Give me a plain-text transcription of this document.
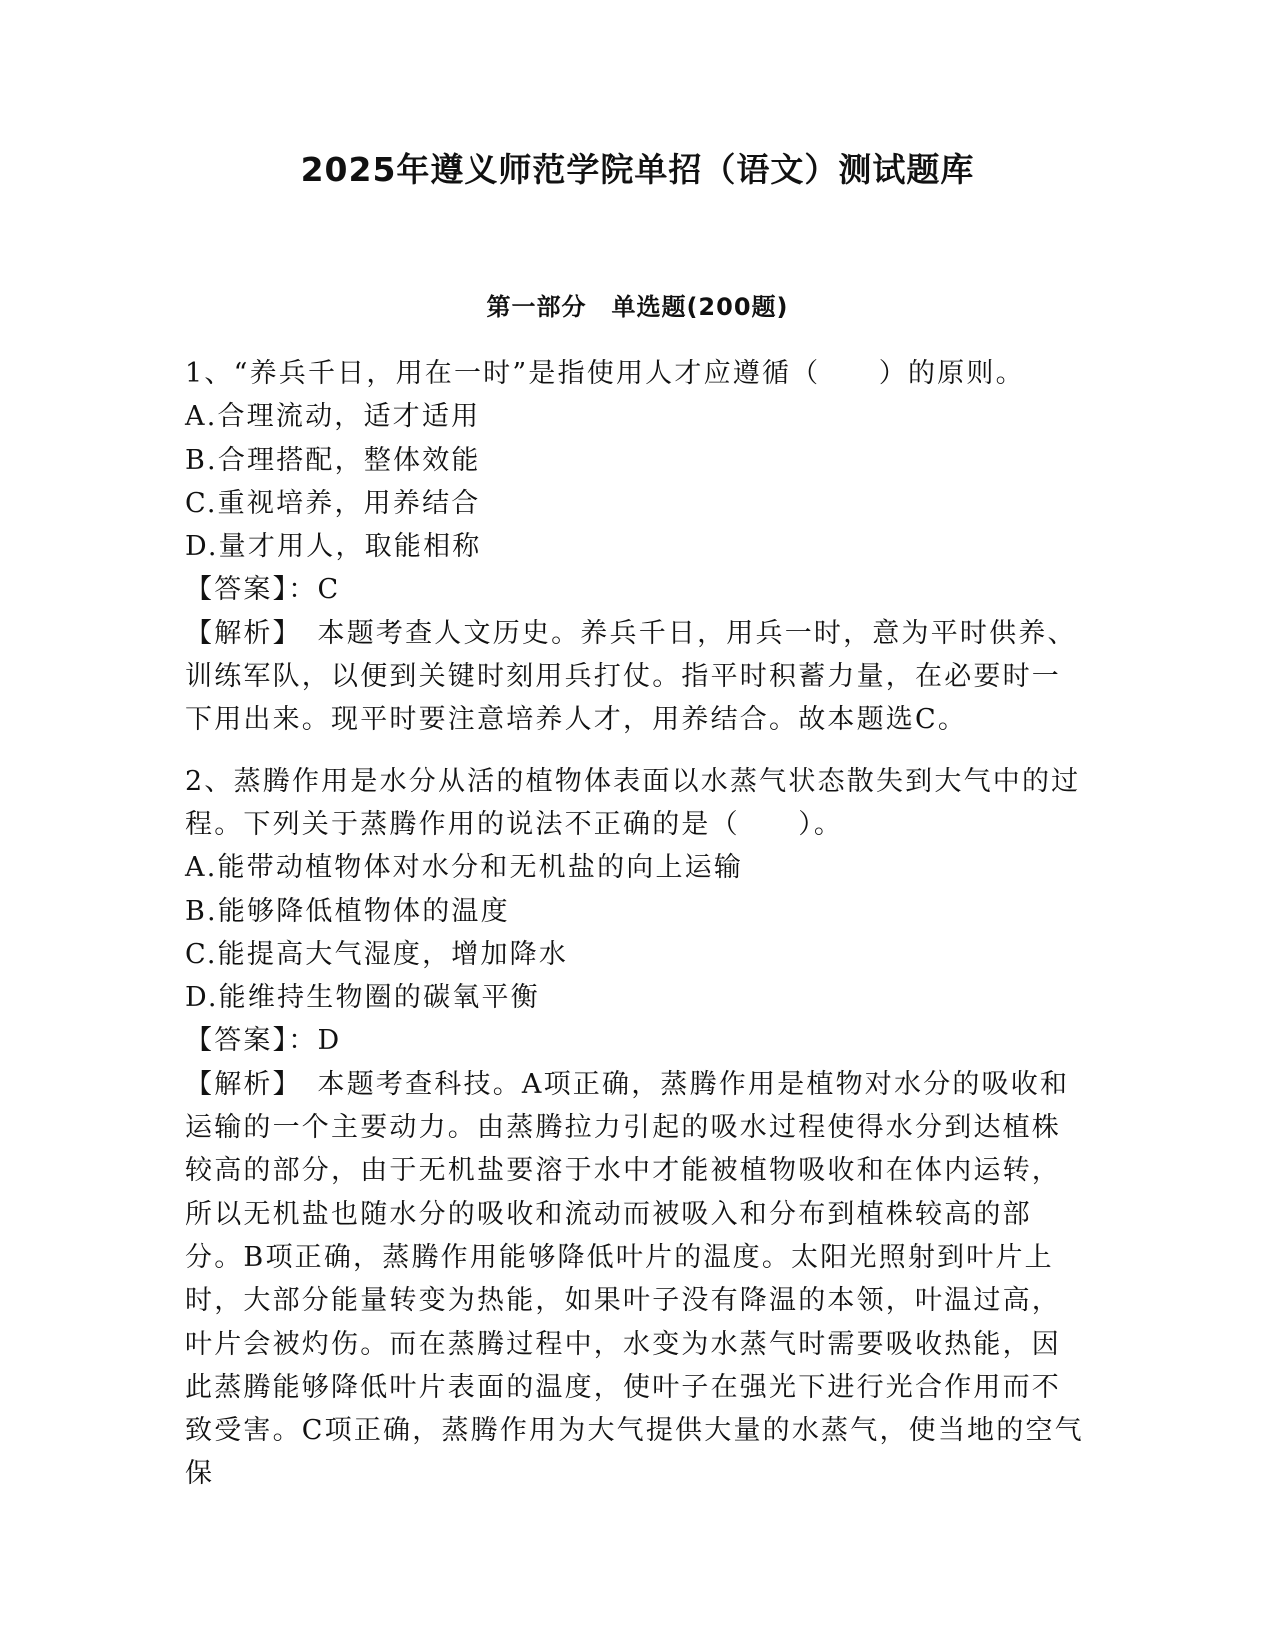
2025年遵义师范学院单招（语文）测试题库
第一部分　单选题(200题)

1、“养兵千日，用在一时”是指使用人才应遵循（　　）的原则。

A.合理流动，适才适用

B.合理搭配，整体效能

C.重视培养，用养结合

D.量才用人，取能相称

【答案】：C

【解析】　本题考查人文历史。养兵千日，用兵一时，意为平时供养、训练军队，以便到关键时刻用兵打仗。指平时积蓄力量，在必要时一下用出来。现平时要注意培养人才，用养结合。故本题选C。

2、蒸腾作用是水分从活的植物体表面以水蒸气状态散失到大气中的过程。下列关于蒸腾作用的说法不正确的是（　　）。

A.能带动植物体对水分和无机盐的向上运输

B.能够降低植物体的温度

C.能提高大气湿度，增加降水

D.能维持生物圈的碳氧平衡

【答案】：D

【解析】　本题考查科技。A项正确，蒸腾作用是植物对水分的吸收和运输的一个主要动力。由蒸腾拉力引起的吸水过程使得水分到达植株较高的部分，由于无机盐要溶于水中才能被植物吸收和在体内运转，所以无机盐也随水分的吸收和流动而被吸入和分布到植株较高的部分。B项正确，蒸腾作用能够降低叶片的温度。太阳光照射到叶片上时，大部分能量转变为热能，如果叶子没有降温的本领，叶温过高，叶片会被灼伤。而在蒸腾过程中，水变为水蒸气时需要吸收热能，因此蒸腾能够降低叶片表面的温度，使叶子在强光下进行光合作用而不致受害。C项正确，蒸腾作用为大气提供大量的水蒸气，使当地的空气保
